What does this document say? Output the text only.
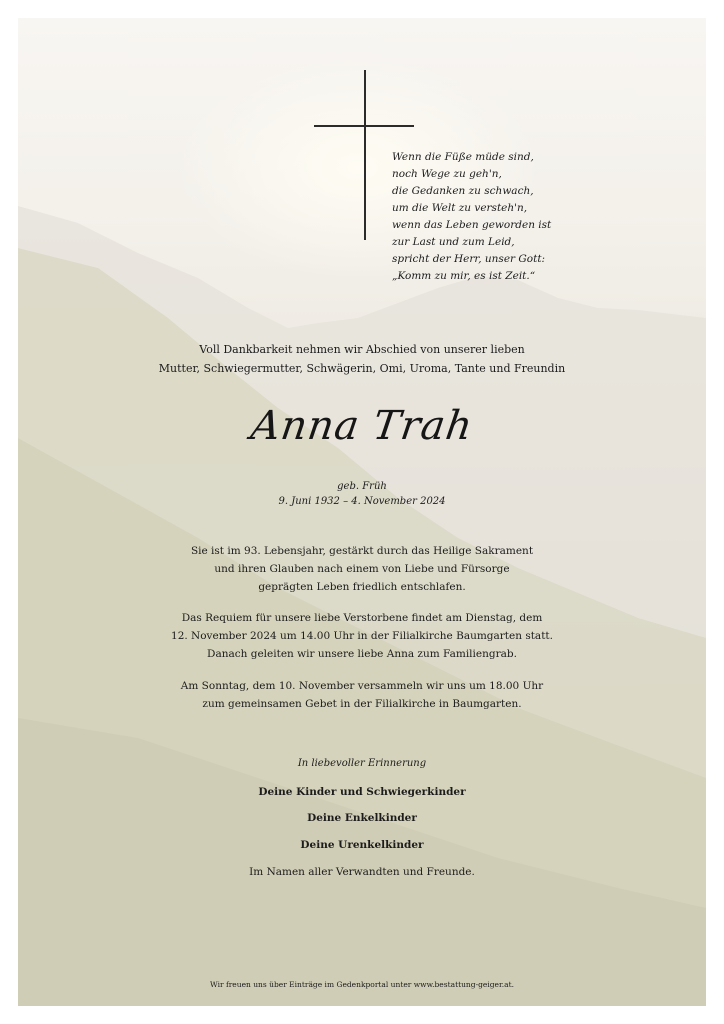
Wenn die Füße müde sind,
noch Wege zu geh'n,
die Gedanken zu schwach,
um die Welt zu versteh'n,
wenn das Leben geworden ist
zur Last und zum Leid,
spricht der Herr, unser Gott:
„Komm zu mir, es ist Zeit.“
Voll Dankbarkeit nehmen wir Abschied von unserer lieben
Mutter, Schwiegermutter, Schwägerin, Omi, Uroma, Tante und Freundin
Anna Trah
geb. Früh
9. Juni 1932 – 4. November 2024
Sie ist im 93. Lebensjahr, gestärkt durch das Heilige Sakrament
und ihren Glauben nach einem von Liebe und Fürsorge
geprägten Leben friedlich entschlafen.
Das Requiem für unsere liebe Verstorbene findet am Dienstag, dem
12. November 2024 um 14.00 Uhr in der Filialkirche Baumgarten statt.
Danach geleiten wir unsere liebe Anna zum Familiengrab.
Am Sonntag, dem 10. November versammeln wir uns um 18.00 Uhr
zum gemeinsamen Gebet in der Filialkirche in Baumgarten.
In liebevoller Erinnerung
Deine Kinder und Schwiegerkinder
Deine Enkelkinder
Deine Urenkelkinder
Im Namen aller Verwandten und Freunde.
Wir freuen uns über Einträge im Gedenkportal unter www.bestattung-geiger.at.
